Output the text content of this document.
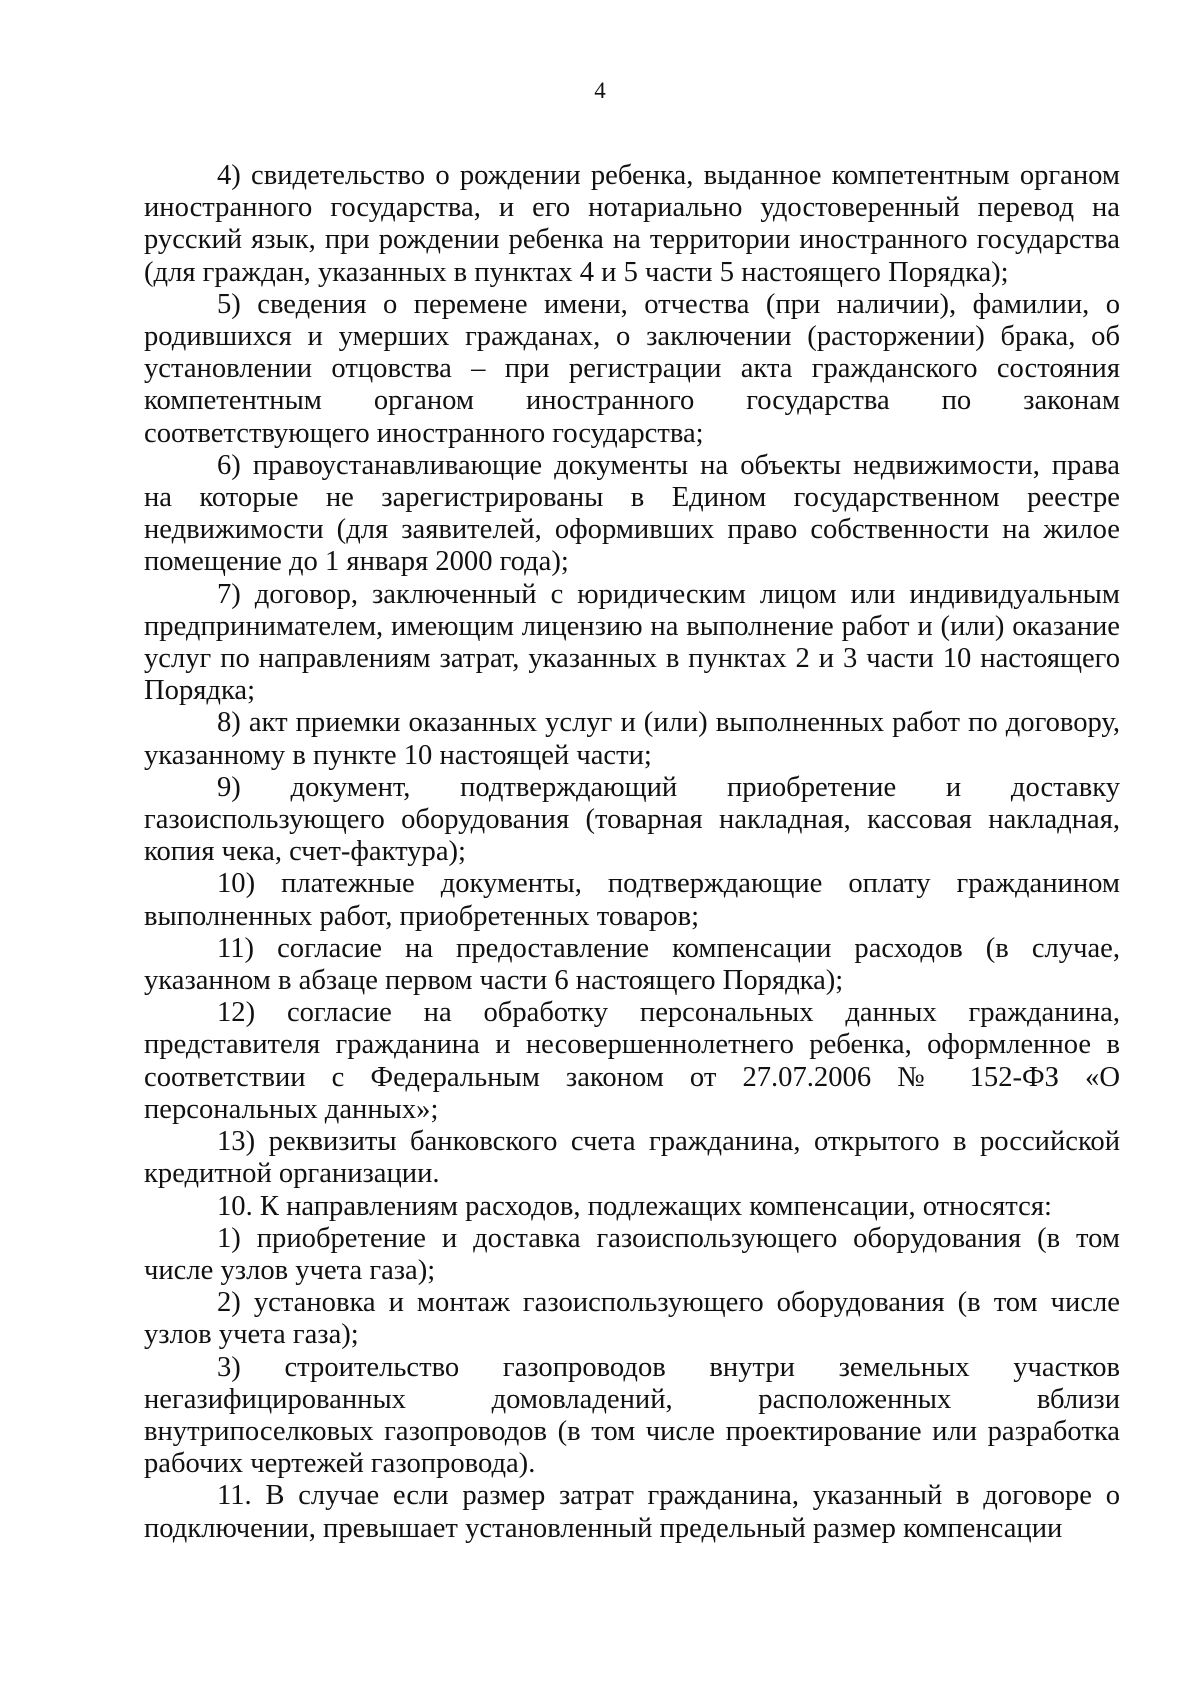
4

4) свидетельство о рождении ребенка, выданное компетентным органом иностранного государства, и его нотариально удостоверенный перевод на русский язык, при рождении ребенка на территории иностранного государства (для граждан, указанных в пунктах 4 и 5 части 5 настоящего Порядка);

5) сведения о перемене имени, отчества (при наличии), фамилии, о родившихся и умерших гражданах, о заключении (расторжении) брака, об установлении отцовства – при регистрации акта гражданского состояния компетентным органом иностранного государства по законам соответствующего иностранного государства;

6) правоустанавливающие документы на объекты недвижимости, права на которые не зарегистрированы в Едином государственном реестре недвижимости (для заявителей, оформивших право собственности на жилое помещение до 1 января 2000 года);

7) договор, заключенный с юридическим лицом или индивидуальным предпринимателем, имеющим лицензию на выполнение работ и (или) оказание услуг по направлениям затрат, указанных в пунктах 2 и 3 части 10 настоящего Порядка;

8) акт приемки оказанных услуг и (или) выполненных работ по договору, указанному в пункте 10 настоящей части;

9) документ, подтверждающий приобретение и доставку газоиспользующего оборудования (товарная накладная, кассовая накладная, копия чека, счет-фактура);

10) платежные документы, подтверждающие оплату гражданином выполненных работ, приобретенных товаров;

11) согласие на предоставление компенсации расходов (в случае, указанном в абзаце первом части 6 настоящего Порядка);

12) согласие на обработку персональных данных гражданина, представителя гражданина и несовершеннолетнего ребенка, оформленное в соответствии с Федеральным законом от 27.07.2006 № 152-ФЗ «О персональных данных»;

13) реквизиты банковского счета гражданина, открытого в российской кредитной организации.

10. К направлениям расходов, подлежащих компенсации, относятся:

1) приобретение и доставка газоиспользующего оборудования (в том числе узлов учета газа);

2) установка и монтаж газоиспользующего оборудования (в том числе узлов учета газа);

3) строительство газопроводов внутри земельных участков негазифицированных домовладений, расположенных вблизи внутрипоселковых газопроводов (в том числе проектирование или разработка рабочих чертежей газопровода).

11. В случае если размер затрат гражданина, указанный в договоре о подключении, превышает установленный предельный размер компенсации
